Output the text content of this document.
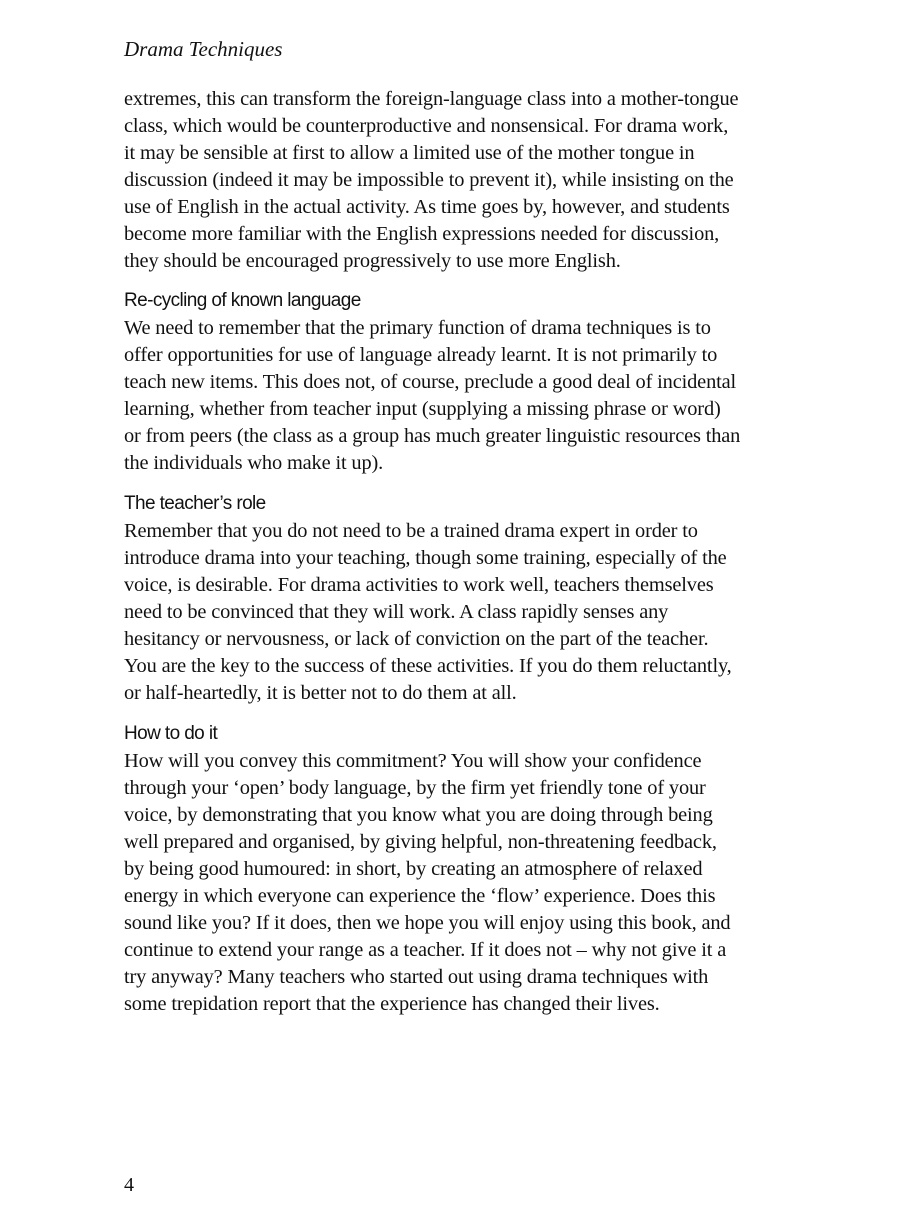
Drama Techniques

extremes, this can transform the foreign-language class into a mother-tongue
class, which would be counterproductive and nonsensical. For drama work,
it may be sensible at first to allow a limited use of the mother tongue in
discussion (indeed it may be impossible to prevent it), while insisting on the
use of English in the actual activity. As time goes by, however, and students
become more familiar with the English expressions needed for discussion,
they should be encouraged progressively to use more English.

Re-cycling of known language

We need to remember that the primary function of drama techniques is to
offer opportunities for use of language already learnt. It is not primarily to
teach new items. This does not, of course, preclude a good deal of incidental
learning, whether from teacher input (supplying a missing phrase or word)
or from peers (the class as a group has much greater linguistic resources than
the individuals who make it up).

The teacher’s role

Remember that you do not need to be a trained drama expert in order to
introduce drama into your teaching, though some training, especially of the
voice, is desirable. For drama activities to work well, teachers themselves
need to be convinced that they will work. A class rapidly senses any
hesitancy or nervousness, or lack of conviction on the part of the teacher.
You are the key to the success of these activities. If you do them reluctantly,
or half-heartedly, it is better not to do them at all.

How to do it

How will you convey this commitment? You will show your confidence
through your ‘open’ body language, by the firm yet friendly tone of your
voice, by demonstrating that you know what you are doing through being
well prepared and organised, by giving helpful, non-threatening feedback,
by being good humoured: in short, by creating an atmosphere of relaxed
energy in which everyone can experience the ‘flow’ experience. Does this
sound like you? If it does, then we hope you will enjoy using this book, and
continue to extend your range as a teacher. If it does not – why not give it a
try anyway? Many teachers who started out using drama techniques with
some trepidation report that the experience has changed their lives.

4
